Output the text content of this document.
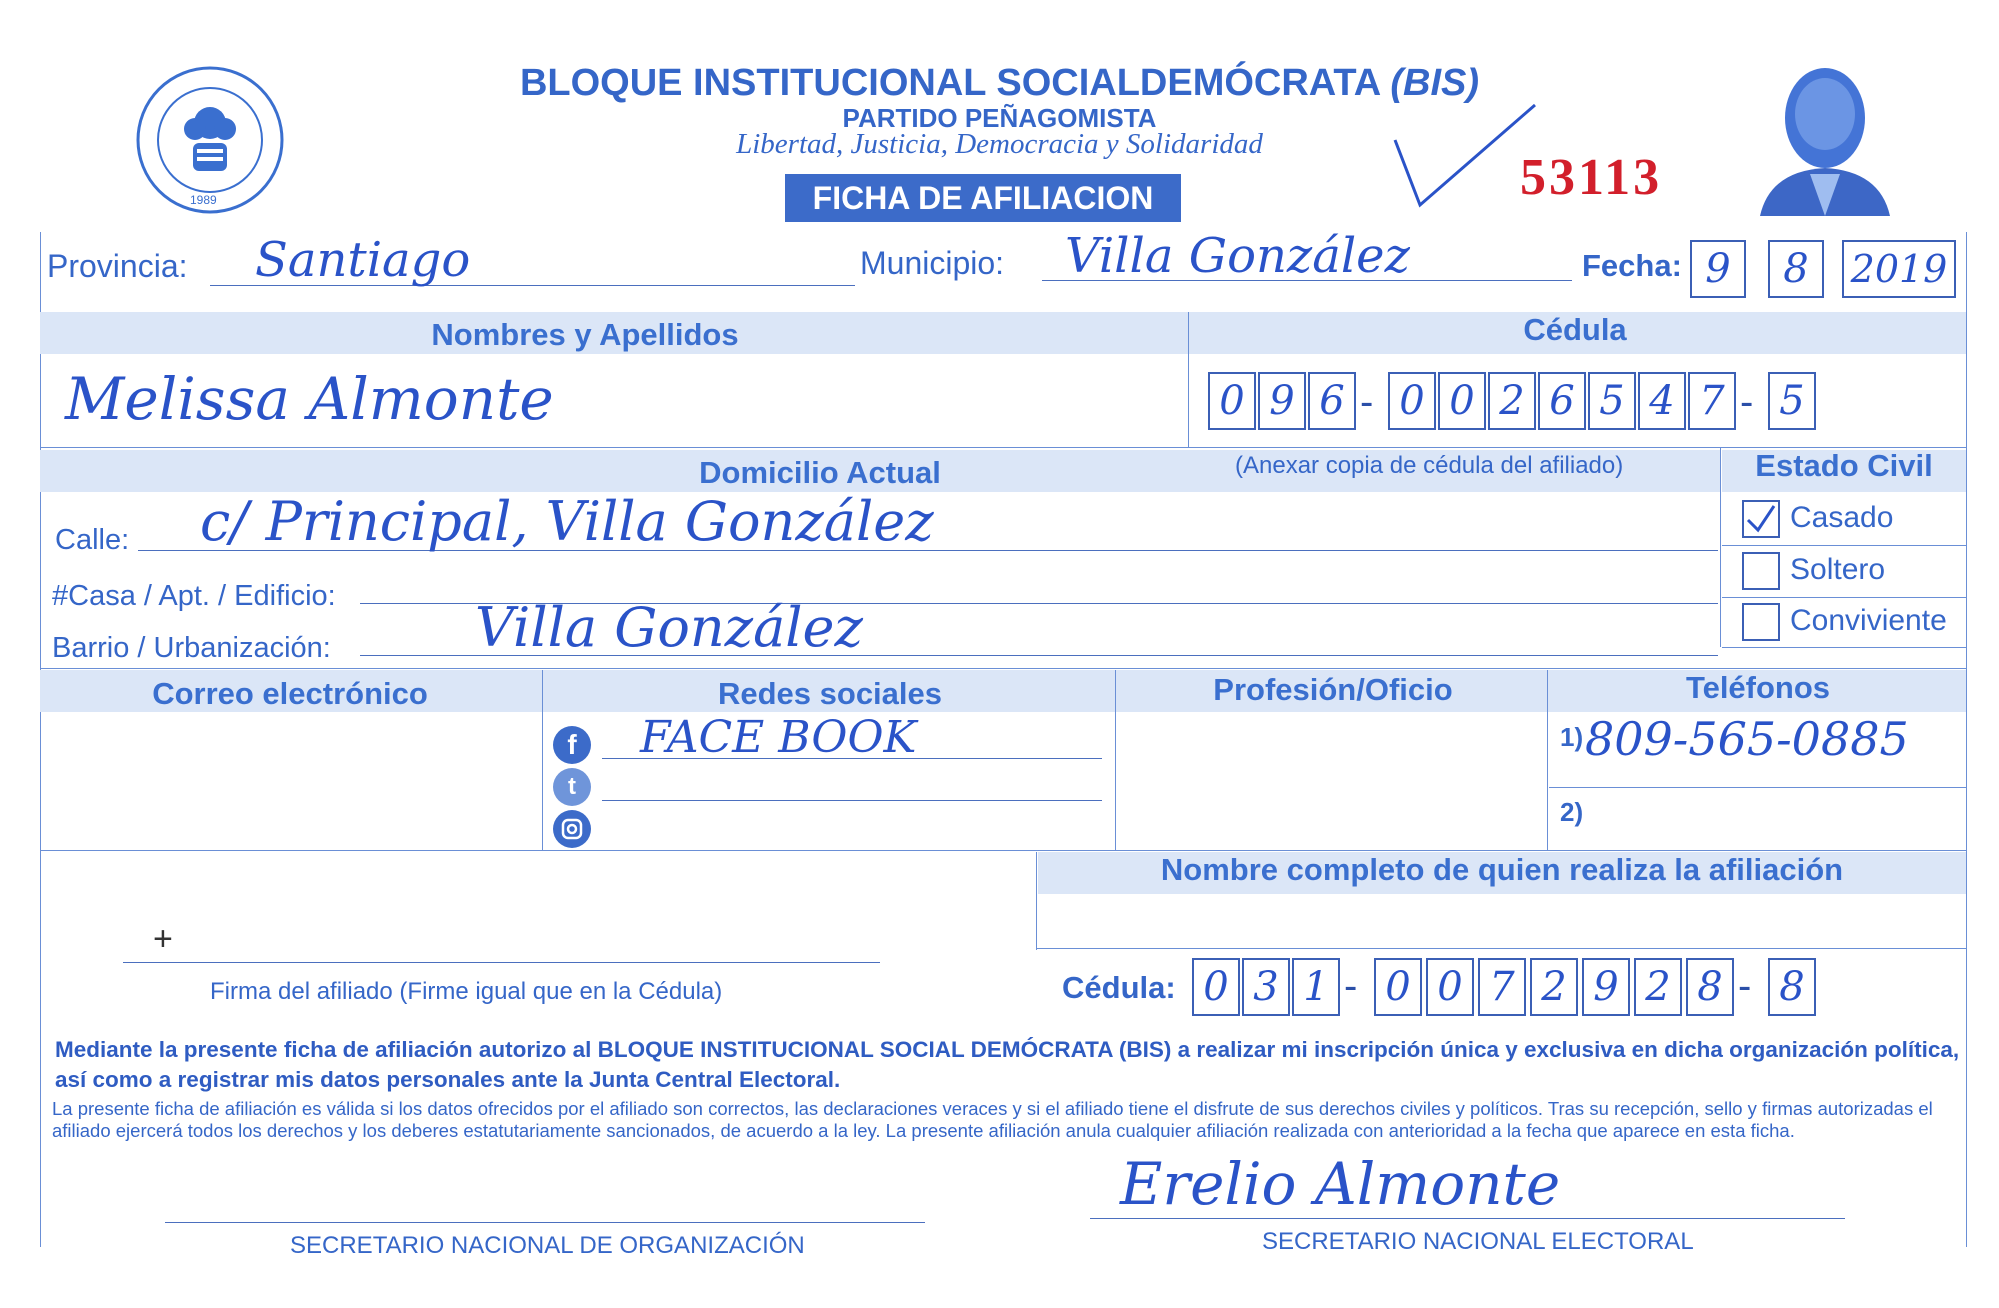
1989
BLOQUE INSTITUCIONAL SOCIALDEMÓCRATA (BIS)
PARTIDO PEÑAGOMISTA
Libertad, Justicia, Democracia y Solidaridad
FICHA DE AFILIACION	53113
Provincia: Santiago	Municipio: Villa González	Fecha: 9	8	2019
Nombres y Apellidos	Cédula
Melissa Almonte	0 9 6 - 0 0 2 6 5 4 7 - 5
Domicilio Actual	(Anexar copia de cédula del afiliado)	Estado Civil
Calle: c/ Principal, Villa González
#Casa / Apt. / Edificio:
Barrio / Urbanización:	Villa González
Casado
Soltero
Conviviente
Correo electrónico	Redes sociales	Profesión/Oficio	Teléfonos
f
t
FACE BOOK	1) 809-565-0885
2)
Nombre completo de quien realiza la afiliación
+
Firma del afiliado (Firme igual que en la Cédula)	Cédula: 0 3 1 - 0 0 7 2 9 2 8 - 8
Mediante la presente ficha de afiliación autorizo al BLOQUE INSTITUCIONAL SOCIAL DEMÓCRATA (BIS) a realizar mi inscripción única y exclusiva en dicha organización política, así como a registrar mis datos personales ante la Junta Central Electoral.
La presente ficha de afiliación es válida si los datos ofrecidos por el afiliado son correctos, las declaraciones veraces y si el afiliado tiene el disfrute de sus derechos civiles y políticos. Tras su recepción, sello y firmas autorizadas el afiliado ejercerá todos los derechos y los deberes estatutariamente sancionados, de acuerdo a la ley. La presente afiliación anula cualquier afiliación realizada con anterioridad a la fecha que aparece en esta ficha.
SECRETARIO NACIONAL DE ORGANIZACIÓN
Erelio Almonte
SECRETARIO NACIONAL ELECTORAL
